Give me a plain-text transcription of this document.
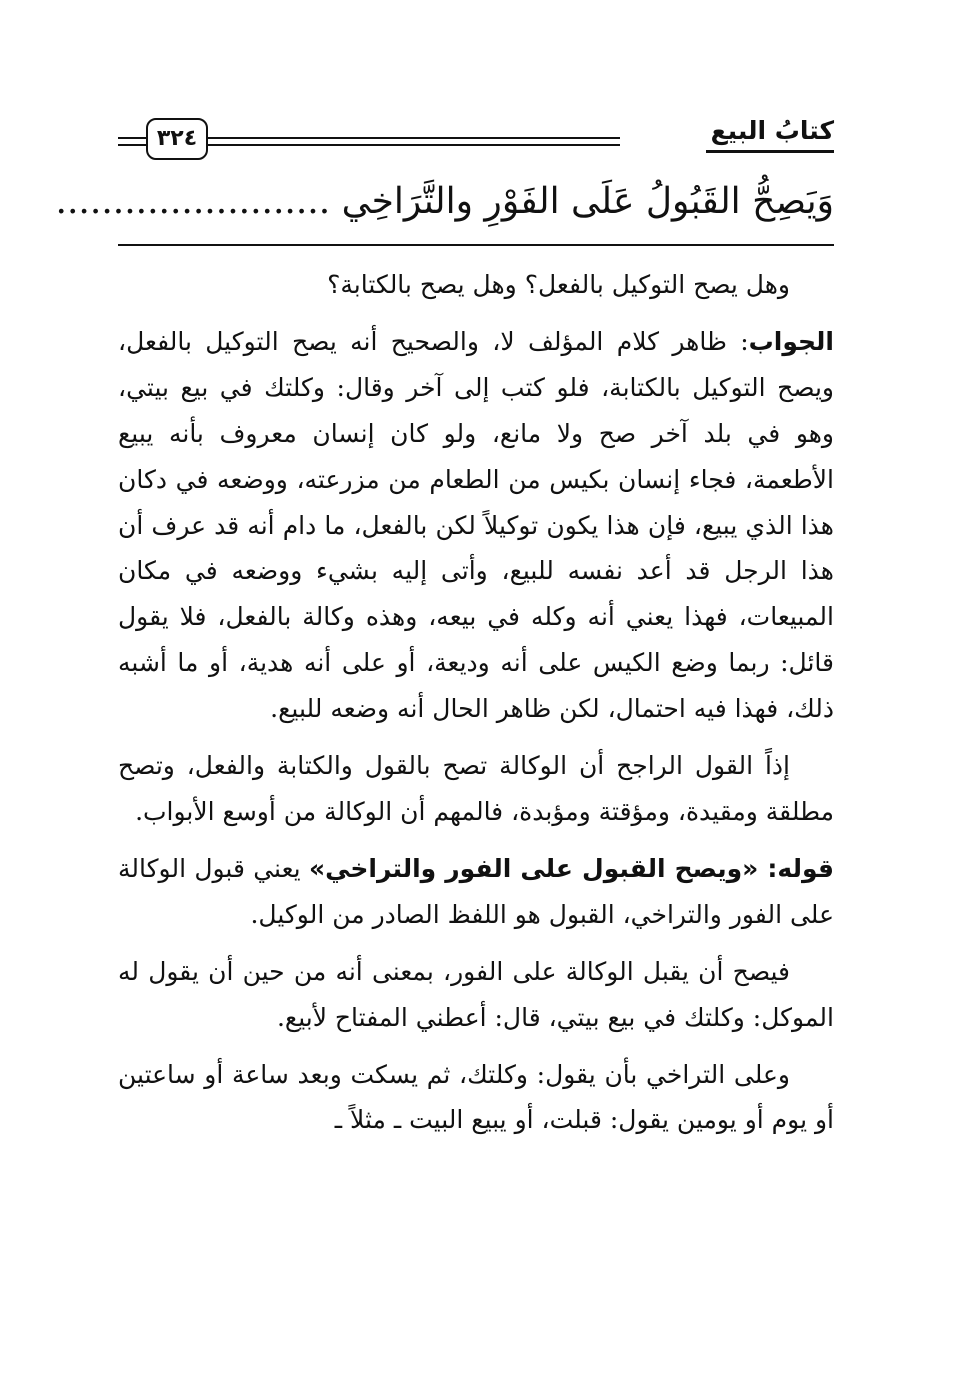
كتابُ البيع
٣٢٤
وَيَصِحُّ القَبُولُ عَلَى الفَوْرِ والتَّرَاخِي ........................

وهل يصح التوكيل بالفعل؟ وهل يصح بالكتابة؟

الجواب: ظاهر كلام المؤلف لا، والصحيح أنه يصح التوكيل بالفعل، ويصح التوكيل بالكتابة، فلو كتب إلى آخر وقال: وكلتك في بيع بيتي، وهو في بلد آخر صح ولا مانع، ولو كان إنسان معروف بأنه يبيع الأطعمة، فجاء إنسان بكيس من الطعام من مزرعته، ووضعه في دكان هذا الذي يبيع، فإن هذا يكون توكيلاً لكن بالفعل، ما دام أنه قد عرف أن هذا الرجل قد أعد نفسه للبيع، وأتى إليه بشيء ووضعه في مكان المبيعات، فهذا يعني أنه وكله في بيعه، وهذه وكالة بالفعل، فلا يقول قائل: ربما وضع الكيس على أنه وديعة، أو على أنه هدية، أو ما أشبه ذلك، فهذا فيه احتمال، لكن ظاهر الحال أنه وضعه للبيع.

إذاً القول الراجح أن الوكالة تصح بالقول والكتابة والفعل، وتصح مطلقة ومقيدة، ومؤقتة ومؤبدة، فالمهم أن الوكالة من أوسع الأبواب.

قوله: «ويصح القبول على الفور والتراخي» يعني قبول الوكالة على الفور والتراخي، القبول هو اللفظ الصادر من الوكيل.

فيصح أن يقبل الوكالة على الفور، بمعنى أنه من حين أن يقول له الموكل: وكلتك في بيع بيتي، قال: أعطني المفتاح لأبيع.

وعلى التراخي بأن يقول: وكلتك، ثم يسكت وبعد ساعة أو ساعتين أو يوم أو يومين يقول: قبلت، أو يبيع البيت ـ مثلاً ـ
